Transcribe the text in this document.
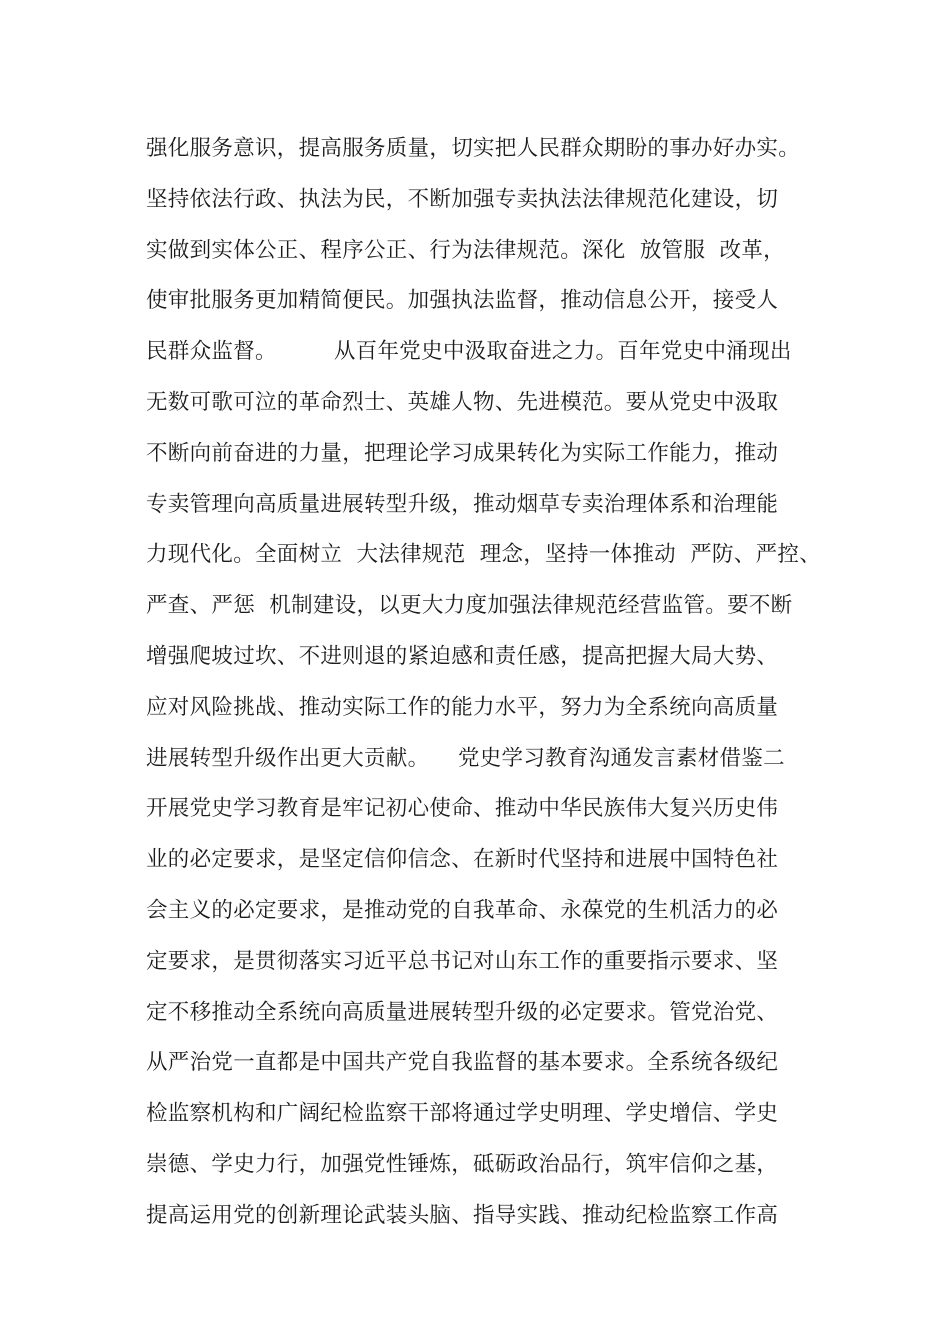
强化服务意识，提高服务质量，切实把人民群众期盼的事办好办实。
坚持依法行政、执法为民，不断加强专卖执法法律规范化建设，切
实做到实体公正、程序公正、行为法律规范。深化  放管服  改革，
使审批服务更加精简便民。加强执法监督，推动信息公开，接受人
民群众监督。        从百年党史中汲取奋进之力。百年党史中涌现出
无数可歌可泣的革命烈士、英雄人物、先进模范。要从党史中汲取
不断向前奋进的力量，把理论学习成果转化为实际工作能力，推动
专卖管理向高质量进展转型升级，推动烟草专卖治理体系和治理能
力现代化。全面树立  大法律规范  理念，坚持一体推动  严防、严控、
严查、严惩  机制建设，以更大力度加强法律规范经营监管。要不断
增强爬坡过坎、不进则退的紧迫感和责任感，提高把握大局大势、
应对风险挑战、推动实际工作的能力水平，努力为全系统向高质量
进展转型升级作出更大贡献。    党史学习教育沟通发言素材借鉴二
开展党史学习教育是牢记初心使命、推动中华民族伟大复兴历史伟
业的必定要求，是坚定信仰信念、在新时代坚持和进展中国特色社
会主义的必定要求，是推动党的自我革命、永葆党的生机活力的必
定要求，是贯彻落实习近平总书记对山东工作的重要指示要求、坚
定不移推动全系统向高质量进展转型升级的必定要求。管党治党、
从严治党一直都是中国共产党自我监督的基本要求。全系统各级纪
检监察机构和广阔纪检监察干部将通过学史明理、学史增信、学史
崇德、学史力行，加强党性锤炼，砥砺政治品行，筑牢信仰之基，
提高运用党的创新理论武装头脑、指导实践、推动纪检监察工作高
